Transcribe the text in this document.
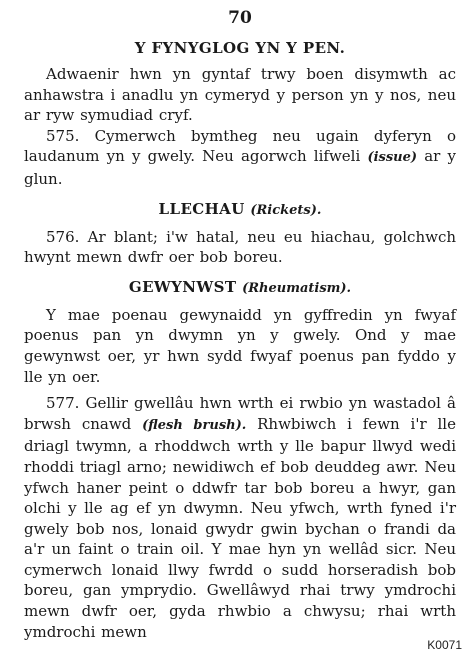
70
Y FYNYGLOG YN Y PEN.

Adwaenir hwn yn gyntaf trwy boen disymwth ac anhawstra i anadlu yn cymeryd y person yn y nos, neu ar ryw symudiad cryf.

575. Cymerwch bymtheg neu ugain dyferyn o laudanum yn y gwely. Neu agorwch lifweli (issue) ar y glun.

LLECHAU (Rickets).

576. Ar blant; i'w hatal, neu eu hiachau, golchwch hwynt mewn dwfr oer bob boreu.

GEWYNWST (Rheumatism).

Y mae poenau gewynaidd yn gyffredin yn fwyaf poenus pan yn dwymn yn y gwely. Ond y mae gewynwst oer, yr hwn sydd fwyaf poenus pan fyddo y lle yn oer.

577. Gellir gwellâu hwn wrth ei rwbio yn wastadol â brwsh cnawd (flesh brush). Rhwbiwch i fewn i'r lle driagl twymn, a rhoddwch wrth y lle bapur llwyd wedi rhoddi triagl arno; newidiwch ef bob deuddeg awr. Neu yfwch haner peint o ddwfr tar bob boreu a hwyr, gan olchi y lle ag ef yn dwymn. Neu yfwch, wrth fyned i'r gwely bob nos, lonaid gwydr gwin bychan o frandi da a'r un faint o train oil. Y mae hyn yn wellâd sicr. Neu cymerwch lonaid llwy fwrdd o sudd horseradish bob boreu, gan ymprydio. Gwellâwyd rhai trwy ymdrochi mewn dwfr oer, gyda rhwbio a chwysu; rhai wrth ymdrochi mewn

K0071
